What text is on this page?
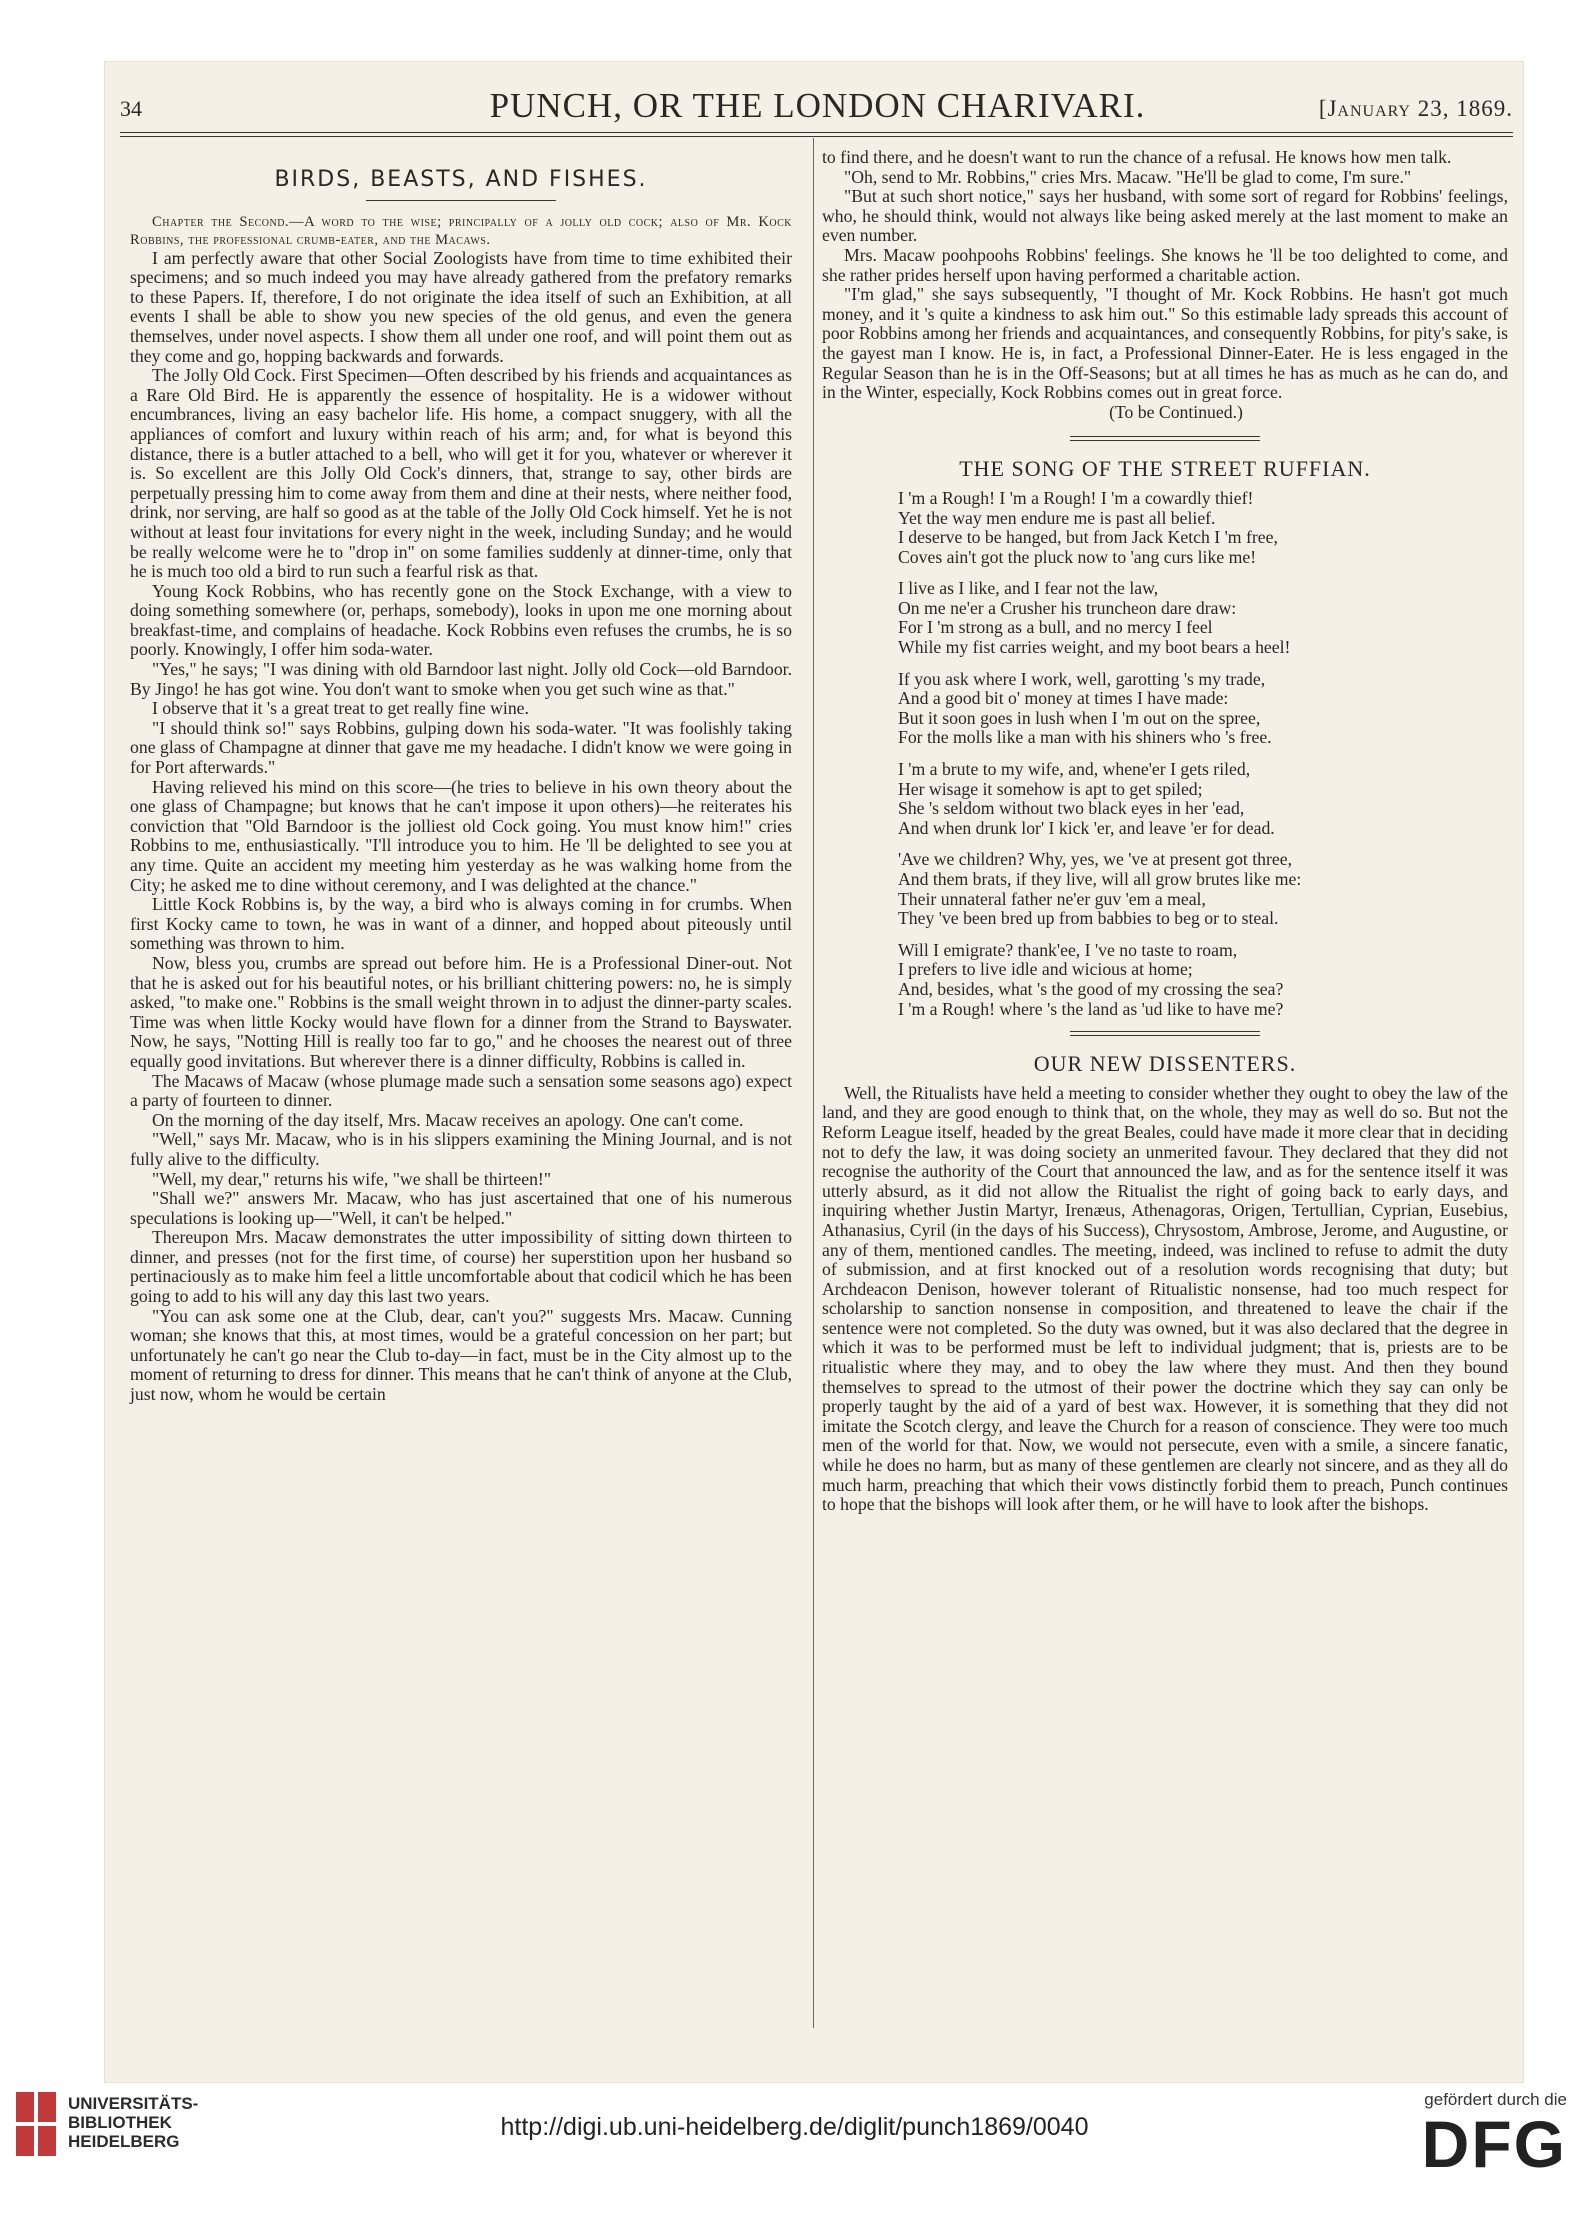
34	PUNCH, OR THE LONDON CHARIVARI.	[January 23, 1869.
BIRDS, BEASTS, AND FISHES.

Chapter the Second.—A word to the wise; principally of a jolly old cock; also of Mr. Kock Robbins, the professional crumb-eater, and the Macaws.

I am perfectly aware that other Social Zoologists have from time to time exhibited their specimens; and so much indeed you may have already gathered from the prefatory remarks to these Papers. If, therefore, I do not originate the idea itself of such an Exhibition, at all events I shall be able to show you new species of the old genus, and even the genera themselves, under novel aspects. I show them all under one roof, and will point them out as they come and go, hopping backwards and forwards.

The Jolly Old Cock. First Specimen—Often described by his friends and acquaintances as a Rare Old Bird. He is apparently the essence of hospitality. He is a widower without encumbrances, living an easy bachelor life. His home, a compact snuggery, with all the appliances of comfort and luxury within reach of his arm; and, for what is beyond this distance, there is a butler attached to a bell, who will get it for you, whatever or wherever it is. So excellent are this Jolly Old Cock's dinners, that, strange to say, other birds are perpetually pressing him to come away from them and dine at their nests, where neither food, drink, nor serving, are half so good as at the table of the Jolly Old Cock himself. Yet he is not without at least four invitations for every night in the week, including Sunday; and he would be really welcome were he to "drop in" on some families suddenly at dinner-time, only that he is much too old a bird to run such a fearful risk as that.

Young Kock Robbins, who has recently gone on the Stock Exchange, with a view to doing something somewhere (or, perhaps, somebody), looks in upon me one morning about breakfast-time, and complains of headache. Kock Robbins even refuses the crumbs, he is so poorly. Knowingly, I offer him soda-water.

"Yes," he says; "I was dining with old Barndoor last night. Jolly old Cock—old Barndoor. By Jingo! he has got wine. You don't want to smoke when you get such wine as that."

I observe that it 's a great treat to get really fine wine.

"I should think so!" says Robbins, gulping down his soda-water. "It was foolishly taking one glass of Champagne at dinner that gave me my headache. I didn't know we were going in for Port afterwards."

Having relieved his mind on this score—(he tries to believe in his own theory about the one glass of Champagne; but knows that he can't impose it upon others)—he reiterates his conviction that "Old Barndoor is the jolliest old Cock going. You must know him!" cries Robbins to me, enthusiastically. "I'll introduce you to him. He 'll be delighted to see you at any time. Quite an accident my meeting him yesterday as he was walking home from the City; he asked me to dine without ceremony, and I was delighted at the chance."

Little Kock Robbins is, by the way, a bird who is always coming in for crumbs. When first Kocky came to town, he was in want of a dinner, and hopped about piteously until something was thrown to him.

Now, bless you, crumbs are spread out before him. He is a Professional Diner-out. Not that he is asked out for his beautiful notes, or his brilliant chittering powers: no, he is simply asked, "to make one." Robbins is the small weight thrown in to adjust the dinner-party scales. Time was when little Kocky would have flown for a dinner from the Strand to Bayswater. Now, he says, "Notting Hill is really too far to go," and he chooses the nearest out of three equally good invitations. But wherever there is a dinner difficulty, Robbins is called in.

The Macaws of Macaw (whose plumage made such a sensation some seasons ago) expect a party of fourteen to dinner.

On the morning of the day itself, Mrs. Macaw receives an apology. One can't come.

"Well," says Mr. Macaw, who is in his slippers examining the Mining Journal, and is not fully alive to the difficulty.

"Well, my dear," returns his wife, "we shall be thirteen!"

"Shall we?" answers Mr. Macaw, who has just ascertained that one of his numerous speculations is looking up—"Well, it can't be helped."

Thereupon Mrs. Macaw demonstrates the utter impossibility of sitting down thirteen to dinner, and presses (not for the first time, of course) her superstition upon her husband so pertinaciously as to make him feel a little uncomfortable about that codicil which he has been going to add to his will any day this last two years.

"You can ask some one at the Club, dear, can't you?" suggests Mrs. Macaw. Cunning woman; she knows that this, at most times, would be a grateful concession on her part; but unfortunately he can't go near the Club to-day—in fact, must be in the City almost up to the moment of returning to dress for dinner. This means that he can't think of anyone at the Club, just now, whom he would be certain

to find there, and he doesn't want to run the chance of a refusal. He knows how men talk.

"Oh, send to Mr. Robbins," cries Mrs. Macaw. "He'll be glad to come, I'm sure."

"But at such short notice," says her husband, with some sort of regard for Robbins' feelings, who, he should think, would not always like being asked merely at the last moment to make an even number.

Mrs. Macaw poohpoohs Robbins' feelings. She knows he 'll be too delighted to come, and she rather prides herself upon having performed a charitable action.

"I'm glad," she says subsequently, "I thought of Mr. Kock Robbins. He hasn't got much money, and it 's quite a kindness to ask him out." So this estimable lady spreads this account of poor Robbins among her friends and acquaintances, and consequently Robbins, for pity's sake, is the gayest man I know. He is, in fact, a Professional Dinner-Eater. He is less engaged in the Regular Season than he is in the Off-Seasons; but at all times he has as much as he can do, and in the Winter, especially, Kock Robbins comes out in great force.

(To be Continued.)

THE SONG OF THE STREET RUFFIAN.
I 'm a Rough! I 'm a Rough! I 'm a cowardly thief!
Yet the way men endure me is past all belief.
I deserve to be hanged, but from Jack Ketch I 'm free,
Coves ain't got the pluck now to 'ang curs like me!
I live as I like, and I fear not the law,
On me ne'er a Crusher his truncheon dare draw:
For I 'm strong as a bull, and no mercy I feel
While my fist carries weight, and my boot bears a heel!
If you ask where I work, well, garotting 's my trade,
And a good bit o' money at times I have made:
But it soon goes in lush when I 'm out on the spree,
For the molls like a man with his shiners who 's free.
I 'm a brute to my wife, and, whene'er I gets riled,
Her wisage it somehow is apt to get spiled;
She 's seldom without two black eyes in her 'ead,
And when drunk lor' I kick 'er, and leave 'er for dead.
'Ave we children? Why, yes, we 've at present got three,
And them brats, if they live, will all grow brutes like me:
Their unnateral father ne'er guv 'em a meal,
They 've been bred up from babbies to beg or to steal.
Will I emigrate? thank'ee, I 've no taste to roam,
I prefers to live idle and wicious at home;
And, besides, what 's the good of my crossing the sea?
I 'm a Rough! where 's the land as 'ud like to have me?
OUR NEW DISSENTERS.

Well, the Ritualists have held a meeting to consider whether they ought to obey the law of the land, and they are good enough to think that, on the whole, they may as well do so. But not the Reform League itself, headed by the great Beales, could have made it more clear that in deciding not to defy the law, it was doing society an unmerited favour. They declared that they did not recognise the authority of the Court that announced the law, and as for the sentence itself it was utterly absurd, as it did not allow the Ritualist the right of going back to early days, and inquiring whether Justin Martyr, Irenæus, Athenagoras, Origen, Tertullian, Cyprian, Eusebius, Athanasius, Cyril (in the days of his Success), Chrysostom, Ambrose, Jerome, and Augustine, or any of them, mentioned candles. The meeting, indeed, was inclined to refuse to admit the duty of submission, and at first knocked out of a resolution words recognising that duty; but Archdeacon Denison, however tolerant of Ritualistic nonsense, had too much respect for scholarship to sanction nonsense in composition, and threatened to leave the chair if the sentence were not completed. So the duty was owned, but it was also declared that the degree in which it was to be performed must be left to individual judgment; that is, priests are to be ritualistic where they may, and to obey the law where they must. And then they bound themselves to spread to the utmost of their power the doctrine which they say can only be properly taught by the aid of a yard of best wax. However, it is something that they did not imitate the Scotch clergy, and leave the Church for a reason of conscience. They were too much men of the world for that. Now, we would not persecute, even with a smile, a sincere fanatic, while he does no harm, but as many of these gentlemen are clearly not sincere, and as they all do much harm, preaching that which their vows distinctly forbid them to preach, Punch continues to hope that the bishops will look after them, or he will have to look after the bishops.

UNIVERSITÄTS-
BIBLIOTHEK
HEIDELBERG
http://digi.ub.uni-heidelberg.de/diglit/punch1869/0040
gefördert durch die
DFG
